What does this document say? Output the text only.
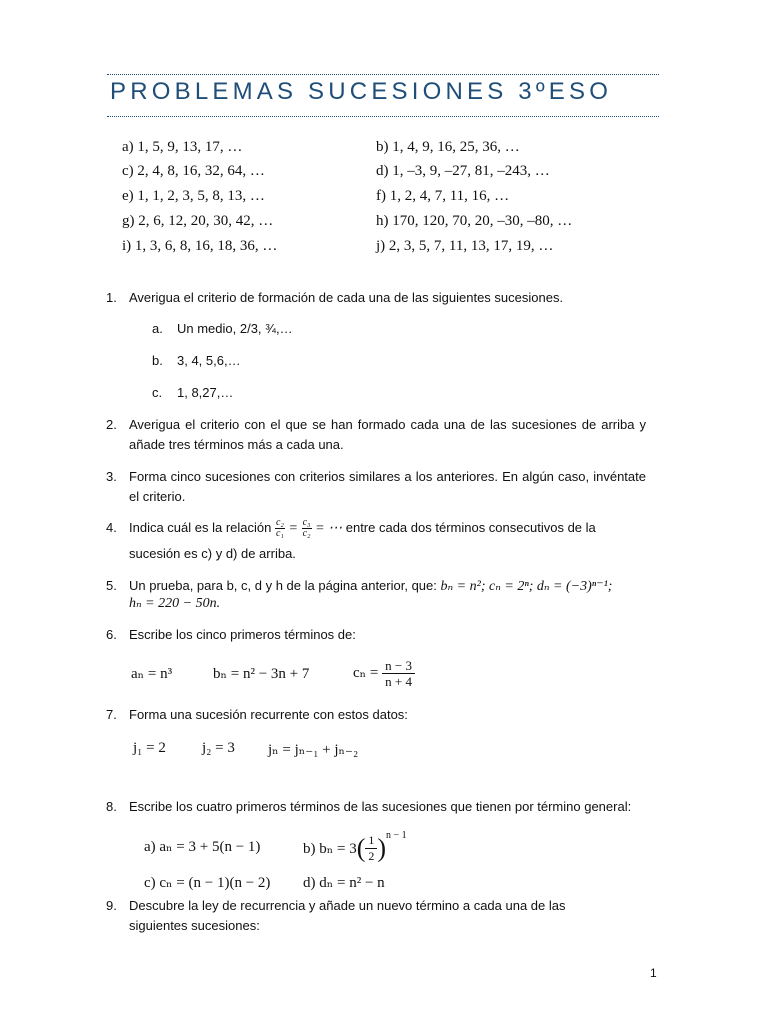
PROBLEMAS SUCESIONES 3ºESO
a) 1, 5, 9, 13, 17, …	b) 1, 4, 9, 16, 25, 36, …
c) 2, 4, 8, 16, 32, 64, …	d) 1, –3, 9, –27, 81, –243, …
e) 1, 1, 2, 3, 5, 8, 13, …	f) 1, 2, 4, 7, 11, 16, …
g) 2, 6, 12, 20, 30, 42, …	h) 170, 120, 70, 20, –30, –80, …
i) 1, 3, 6, 8, 16, 18, 36, …	j) 2, 3, 5, 7, 11, 13, 17, 19, …
1. Averigua el criterio de formación de cada una de las siguientes sucesiones.
a. Un medio, 2/3, ¾,…
b. 3, 4, 5,6,…
c. 1, 8,27,…
2. Averigua el criterio con el que se han formado cada una de las sucesiones de arriba y añade tres términos más a cada una.
3. Forma cinco sucesiones con criterios similares a los anteriores. En algún caso, invéntate el criterio.
4. Indica cuál es la relación $\frac{\text{c₂}}{\text{c₁}} = \frac{\text{c₃}}{\text{c₂}}$ = ⋯ entre cada dos términos consecutivos de la
sucesión es c) y d) de arriba.
5. Un prueba, para b, c, d y h de la página anterior, que: bₙ = n²; cₙ = 2ⁿ; dₙ = (−3)ⁿ⁻¹;
hₙ = 220 − 50n.
6. Escribe los cinco primeros términos de:
aₙ = n³	bₙ = n² − 3n + 7	$c_n = \frac{n - 3}{n + 4}$
7. Forma una sucesión recurrente con estos datos:
j₁ = 2 j₂ = 3 jₙ = jₙ₋₁ + jₙ₋₂
8. Escribe los cuatro primeros términos de las sucesiones que tienen por término general:
a) aₙ = 3 + 5(n − 1)	b) $b_n = 3( \frac{1}{2} )^{n - 1}$
c) cₙ = (n − 1)(n − 2) d) dₙ = n² − n
9. Descubre la ley de recurrencia y añade un nuevo término a cada una de las siguientes sucesiones:
1
